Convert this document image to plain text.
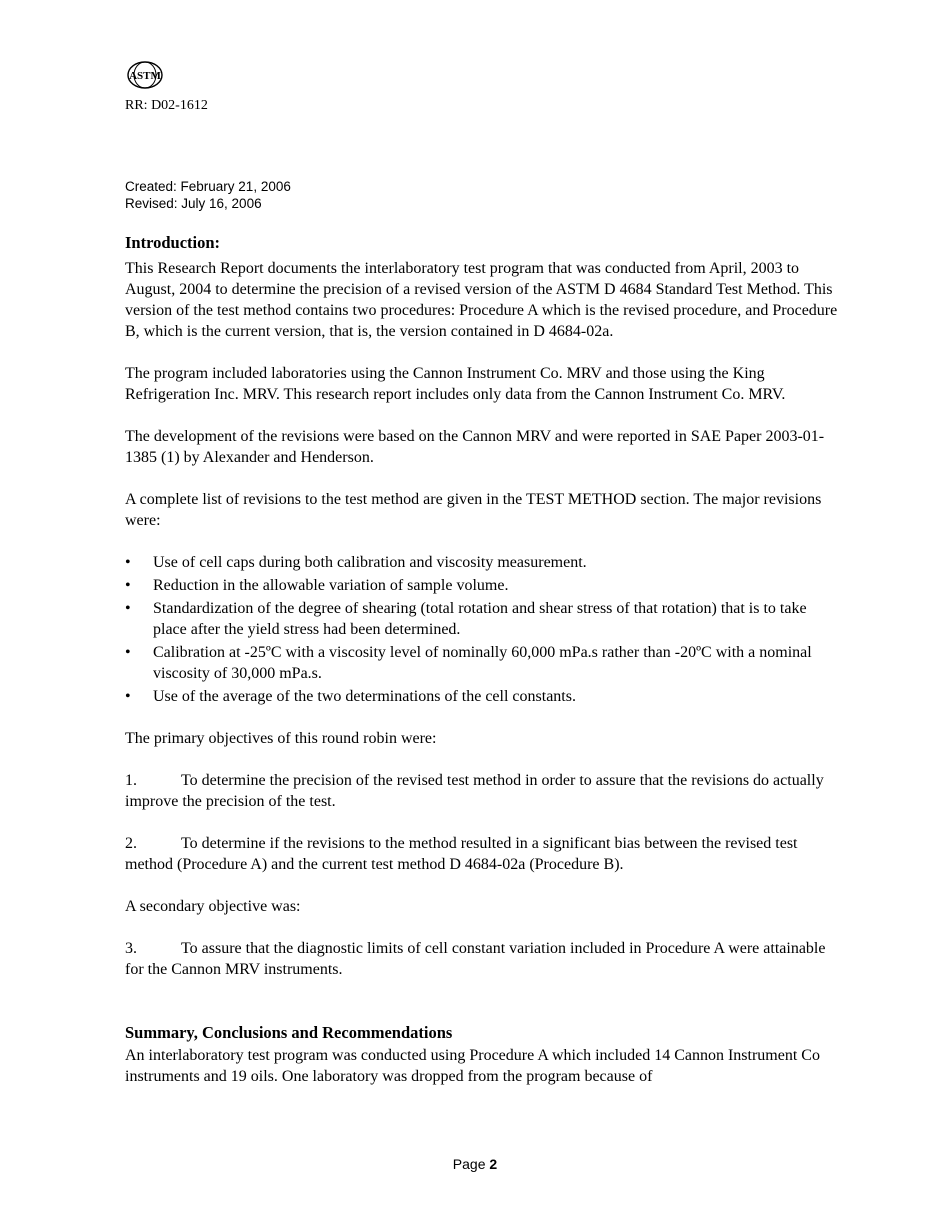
ASTM
RR: D02-1612
Created: February 21, 2006
Revised: July 16, 2006
Introduction:

This Research Report documents the interlaboratory test program that was conducted from April, 2003 to August, 2004 to determine the precision of a revised version of the ASTM D 4684 Standard Test Method. This version of the test method contains two procedures: Procedure A which is the revised procedure, and Procedure B, which is the current version, that is, the version contained in D 4684-02a.

The program included laboratories using the Cannon Instrument Co. MRV and those using the King Refrigeration Inc. MRV. This research report includes only data from the Cannon Instrument Co. MRV.

The development of the revisions were based on the Cannon MRV and were reported in SAE Paper 2003-01-1385 (1) by Alexander and Henderson.

A complete list of revisions to the test method are given in the TEST METHOD section. The major revisions were:

• Use of cell caps during both calibration and viscosity measurement.
• Reduction in the allowable variation of sample volume.
• Standardization of the degree of shearing (total rotation and shear stress of that rotation) that is to take place after the yield stress had been determined.
• Calibration at -25ºC with a viscosity level of nominally 60,000 mPa.s rather than -20ºC with a nominal viscosity of 30,000 mPa.s.
• Use of the average of the two determinations of the cell constants.

The primary objectives of this round robin were:

1.	To determine the precision of the revised test method in order to assure that the revisions do actually improve the precision of the test.

2.	To determine if the revisions to the method resulted in a significant bias between the revised test method (Procedure A) and the current test method D 4684-02a (Procedure B).

A secondary objective was:

3.	To assure that the diagnostic limits of cell constant variation included in Procedure A were attainable for the Cannon MRV instruments.

Summary, Conclusions and Recommendations

An interlaboratory test program was conducted using Procedure A which included 14 Cannon Instrument Co instruments and 19 oils. One laboratory was dropped from the program because of

Page 2
